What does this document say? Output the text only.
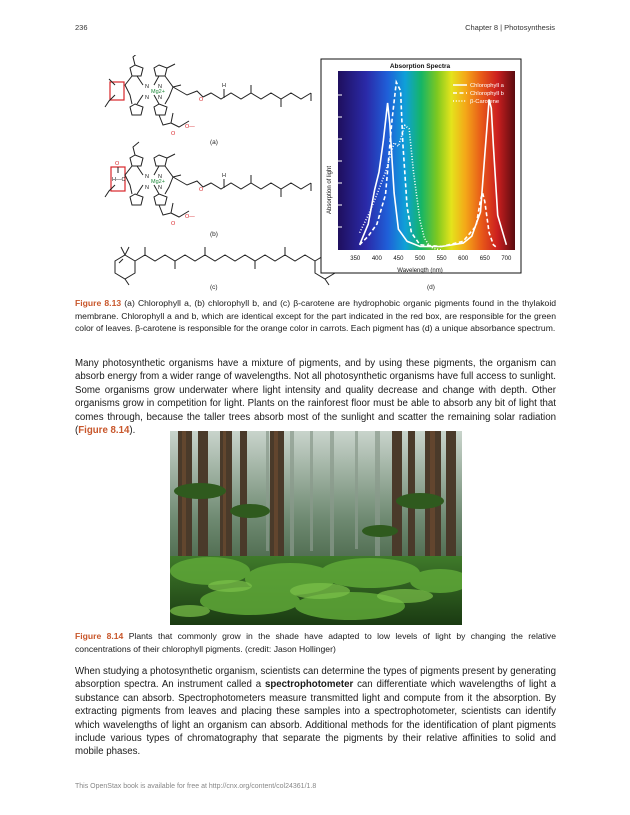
236	Chapter 8 | Photosynthesis
N
Mg2+
N
N
N	O
O—
O
H
(a)
O
H—C	N
Mg2+
N
N
N	O
O—
O
H
(b)
(c)
Absorption Spectra
Wavelength (nm)
Absorption of light
350 400 450 500 550 600 650 700
Chlorophyll a
Chlorophyll b
β-Carotene
(d)

Figure 8.13 (a) Chlorophyll a, (b) chlorophyll b, and (c) β-carotene are hydrophobic organic pigments found in the thylakoid membrane. Chlorophyll a and b, which are identical except for the part indicated in the red box, are responsible for the green color of leaves. β-carotene is responsible for the orange color in carrots. Each pigment has (d) a unique absorbance spectrum.

Many photosynthetic organisms have a mixture of pigments, and by using these pigments, the organism can absorb energy from a wider range of wavelengths. Not all photosynthetic organisms have full access to sunlight. Some organisms grow underwater where light intensity and quality decrease and change with depth. Other organisms grow in competition for light. Plants on the rainforest floor must be able to absorb any bit of light that comes through, because the taller trees absorb most of the sunlight and scatter the remaining solar radiation (Figure 8.14).

Figure 8.14 Plants that commonly grow in the shade have adapted to low levels of light by changing the relative concentrations of their chlorophyll pigments. (credit: Jason Hollinger)

When studying a photosynthetic organism, scientists can determine the types of pigments present by generating absorption spectra. An instrument called a spectrophotometer can differentiate which wavelengths of light a substance can absorb. Spectrophotometers measure transmitted light and compute from it the absorption. By extracting pigments from leaves and placing these samples into a spectrophotometer, scientists can identify which wavelengths of light an organism can absorb. Additional methods for the identification of plant pigments include various types of chromatography that separate the pigments by their relative affinities to solid and mobile phases.

This OpenStax book is available for free at http://cnx.org/content/col24361/1.8
